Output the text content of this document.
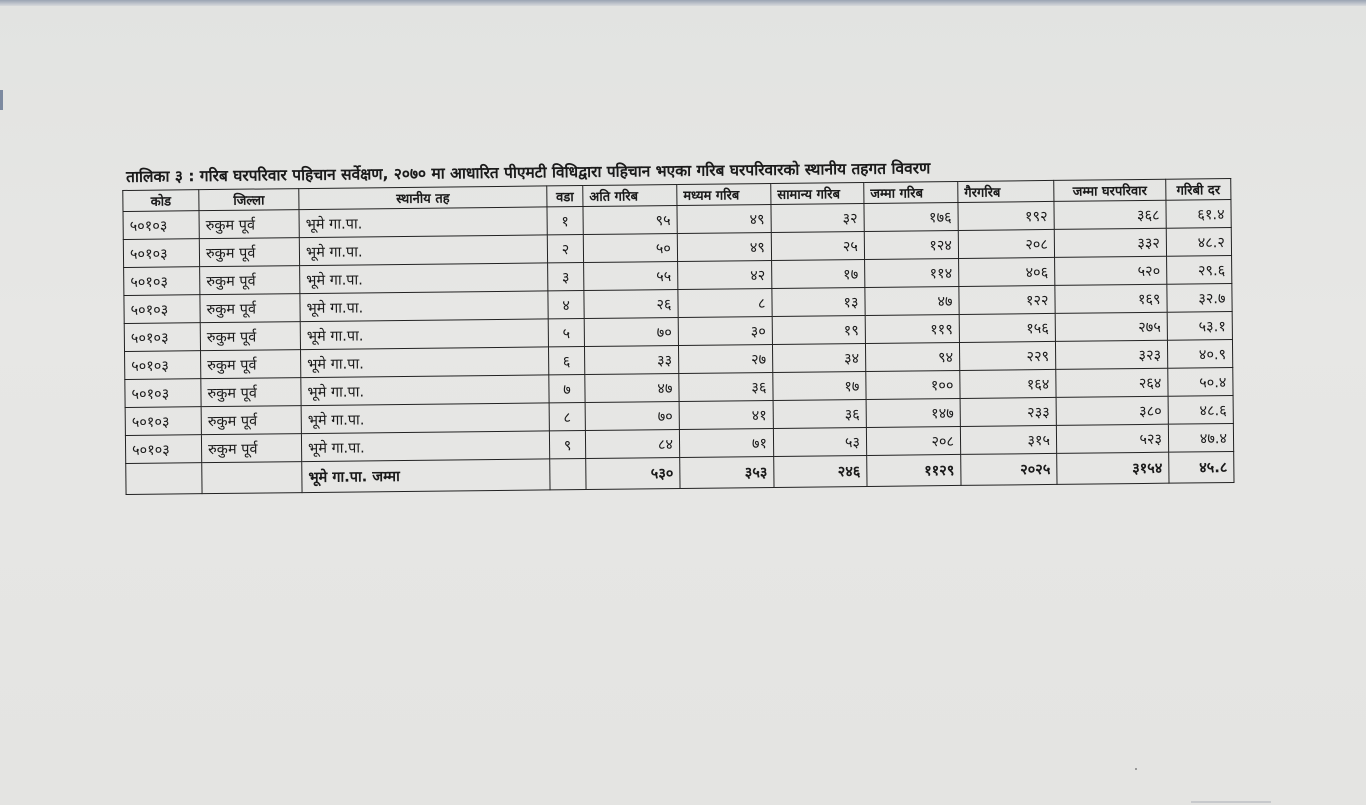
तालिका ३ : गरिब घरपरिवार पहिचान सर्वेक्षण, २०७० मा आधारित पीएमटी विधिद्वारा पहिचान भएका गरिब घरपरिवारको स्थानीय तहगत विवरण
कोड	जिल्ला	स्थानीय तह	वडा	अति गरिब	मध्यम गरिब	सामान्य गरिब	जम्मा गरिब	गैरगरिब	जम्मा घरपरिवार	गरिबी दर
५०१०३	रुकुम पूर्व	भूमे गा.पा.	१	९५	४९	३२	१७६	१९२	३६८	६१.४
५०१०३	रुकुम पूर्व	भूमे गा.पा.	२	५०	४९	२५	१२४	२०८	३३२	४८.२
५०१०३	रुकुम पूर्व	भूमे गा.पा.	३	५५	४२	१७	११४	४०६	५२०	२९.६
५०१०३	रुकुम पूर्व	भूमे गा.पा.	४	२६	८	१३	४७	१२२	१६९	३२.७
५०१०३	रुकुम पूर्व	भूमे गा.पा.	५	७०	३०	१९	११९	१५६	२७५	५३.१
५०१०३	रुकुम पूर्व	भूमे गा.पा.	६	३३	२७	३४	९४	२२९	३२३	४०.९
५०१०३	रुकुम पूर्व	भूमे गा.पा.	७	४७	३६	१७	१००	१६४	२६४	५०.४
५०१०३	रुकुम पूर्व	भूमे गा.पा.	८	७०	४१	३६	१४७	२३३	३८०	४८.६
५०१०३	रुकुम पूर्व	भूमे गा.पा.	९	८४	७१	५३	२०८	३१५	५२३	४७.४
		भूमे गा.पा. जम्मा		५३०	३५३	२४६	११२९	२०२५	३१५४	४५.८
